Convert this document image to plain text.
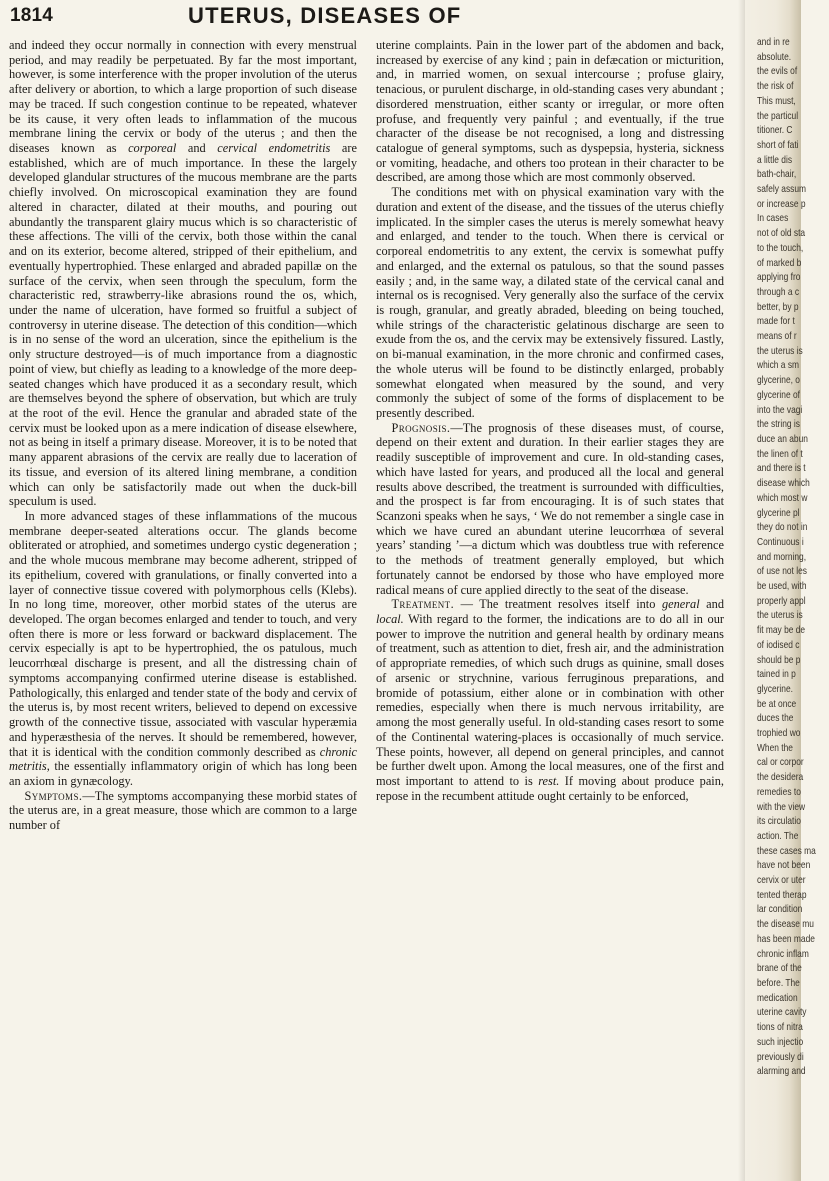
1814	UTERUS, DISEASES OF

and indeed they occur normally in connection with every menstrual period, and may readily be perpetuated. By far the most important, however, is some interference with the proper involution of the uterus after delivery or abortion, to which a large proportion of such disease may be traced. If such congestion continue to be repeated, whatever be its cause, it very often leads to inflammation of the mucous membrane lining the cervix or body of the uterus ; and then the diseases known as corporeal and cervical endometritis are established, which are of much importance. In these the largely developed glandular structures of the mucous membrane are the parts chiefly involved. On microscopical examination they are found altered in character, dilated at their mouths, and pouring out abundantly the transparent glairy mucus which is so characteristic of these affections. The villi of the cervix, both those within the canal and on its exterior, become altered, stripped of their epithelium, and eventually hypertrophied. These enlarged and abraded papillæ on the surface of the cervix, when seen through the speculum, form the characteristic red, strawberry-like abrasions round the os, which, under the name of ulceration, have formed so fruitful a subject of controversy in uterine disease. The detection of this condition—which is in no sense of the word an ulceration, since the epithelium is the only structure destroyed—is of much importance from a diagnostic point of view, but chiefly as leading to a knowledge of the more deep-seated changes which have produced it as a secondary result, which are themselves beyond the sphere of observation, but which are truly at the root of the evil. Hence the granular and abraded state of the cervix must be looked upon as a mere indication of disease elsewhere, not as being in itself a primary disease. Moreover, it is to be noted that many apparent abrasions of the cervix are really due to laceration of its tissue, and eversion of its altered lining membrane, a condition which can only be satisfactorily made out when the duck-bill speculum is used.

In more advanced stages of these inflammations of the mucous membrane deeper-seated alterations occur. The glands become obliterated or atrophied, and sometimes undergo cystic degeneration ; and the whole mucous membrane may become adherent, stripped of its epithelium, covered with granulations, or finally converted into a layer of connective tissue covered with polymorphous cells (Klebs). In no long time, moreover, other morbid states of the uterus are developed. The organ becomes enlarged and tender to touch, and very often there is more or less forward or backward displacement. The cervix especially is apt to be hypertrophied, the os patulous, much leucorrhœal discharge is present, and all the distressing chain of symptoms accompanying confirmed uterine disease is established. Pathologically, this enlarged and tender state of the body and cervix of the uterus is, by most recent writers, believed to depend on excessive growth of the connective tissue, associated with vascular hyperæmia and hyperæsthesia of the nerves. It should be remembered, however, that it is identical with the condition commonly described as chronic metritis, the essentially inflammatory origin of which has long been an axiom in gynæcology.

Symptoms.—The symptoms accompanying these morbid states of the uterus are, in a great measure, those which are common to a large number of

uterine complaints. Pain in the lower part of the abdomen and back, increased by exercise of any kind ; pain in defæcation or micturition, and, in married women, on sexual intercourse ; profuse glairy, tenacious, or purulent discharge, in old-standing cases very abundant ; disordered menstruation, either scanty or irregular, or more often profuse, and frequently very painful ; and eventually, if the true character of the disease be not recognised, a long and distressing catalogue of general symptoms, such as dyspepsia, hysteria, sickness or vomiting, headache, and others too protean in their character to be described, are among those which are most commonly observed.

The conditions met with on physical examination vary with the duration and extent of the disease, and the tissues of the uterus chiefly implicated. In the simpler cases the uterus is merely somewhat heavy and enlarged, and tender to the touch. When there is cervical or corporeal endometritis to any extent, the cervix is somewhat puffy and enlarged, and the external os patulous, so that the sound passes easily ; and, in the same way, a dilated state of the cervical canal and internal os is recognised. Very generally also the surface of the cervix is rough, granular, and greatly abraded, bleeding on being touched, while strings of the characteristic gelatinous discharge are seen to exude from the os, and the cervix may be extensively fissured. Lastly, on bi-manual examination, in the more chronic and confirmed cases, the whole uterus will be found to be distinctly enlarged, probably somewhat elongated when measured by the sound, and very commonly the subject of some of the forms of displacement to be presently described.

Prognosis.—The prognosis of these diseases must, of course, depend on their extent and duration. In their earlier stages they are readily susceptible of improvement and cure. In old-standing cases, which have lasted for years, and produced all the local and general results above described, the treatment is surrounded with difficulties, and the prospect is far from encouraging. It is of such states that Scanzoni speaks when he says, ‘ We do not remember a single case in which we have cured an abundant uterine leucorrhœa of several years’ standing ’—a dictum which was doubtless true with reference to the methods of treatment generally employed, but which fortunately cannot be endorsed by those who have employed more radical means of cure applied directly to the seat of the disease.

Treatment. — The treatment resolves itself into general and local. With regard to the former, the indications are to do all in our power to improve the nutrition and general health by ordinary means of treatment, such as attention to diet, fresh air, and the administration of appropriate remedies, of which such drugs as quinine, small doses of arsenic or strychnine, various ferruginous preparations, and bromide of potassium, either alone or in combination with other remedies, especially when there is much nervous irritability, are among the most generally useful. In old-standing cases resort to some of the Continental watering-places is occasionally of much service. These points, however, all depend on general principles, and cannot be further dwelt upon. Among the local measures, one of the first and most important to attend to is rest. If moving about produce pain, repose in the recumbent attitude ought certainly to be enforced,

and in re
absolute.
the evils of
the risk of
This must,
the particul
titioner. C
short of fati
a little dis
bath-chair,
safely assum
or increase p
In cases
not of old sta
to the touch,
of marked b
applying fro
through a c
better, by p
made for t
means of r
the uterus is
which a sm
glycerine, o
glycerine of
into the vagi
the string is
duce an abun
the linen of t
and there is t
disease which
which most w
glycerine pl
they do not in
Continuous i
and morning,
of use not les
be used, with
properly appl
the uterus is
fit may be de
of iodised c
should be p
tained in p
glycerine.
be at once
duces the
trophied wo
When the
cal or corpor
the desidera
remedies to
with the view
its circulatio
action. The
these cases ma
have not been
cervix or uter
tented therap
lar condition
the disease mu
has been made
chronic inflam
brane of the
before. The
medication
uterine cavity
tions of nitra
such injectio
previously di
alarming and
